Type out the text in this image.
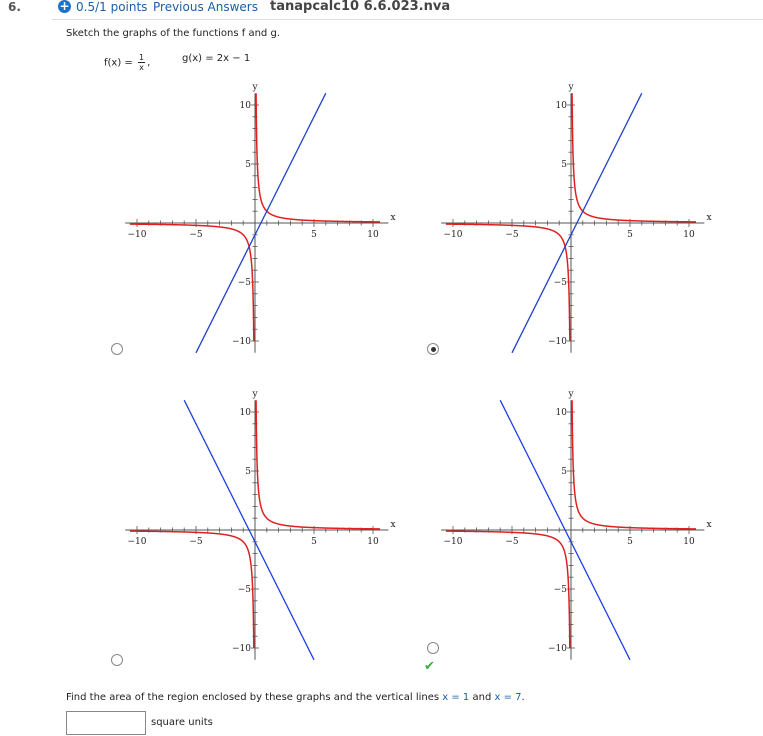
6.	+ 0.5/1 points Previous Answers tanapcalc10 6.6.023.nva
Sketch the graphs of the functions f and g.
$f(x) = \frac{1}{x}$ ,	g(x) = 2x − 1
−10	−5	5	10
x
10
5
−5
−10
y
−10	−5	5	10
x
10
5
−5
−10
y
−10	−5	5	10
x
10
5
−5
−10
y
−10	−5	5	10
x
10
5
−5
−10
y
✔
Find the area of the region enclosed by these graphs and the vertical lines x = 1 and x = 7.
square units
